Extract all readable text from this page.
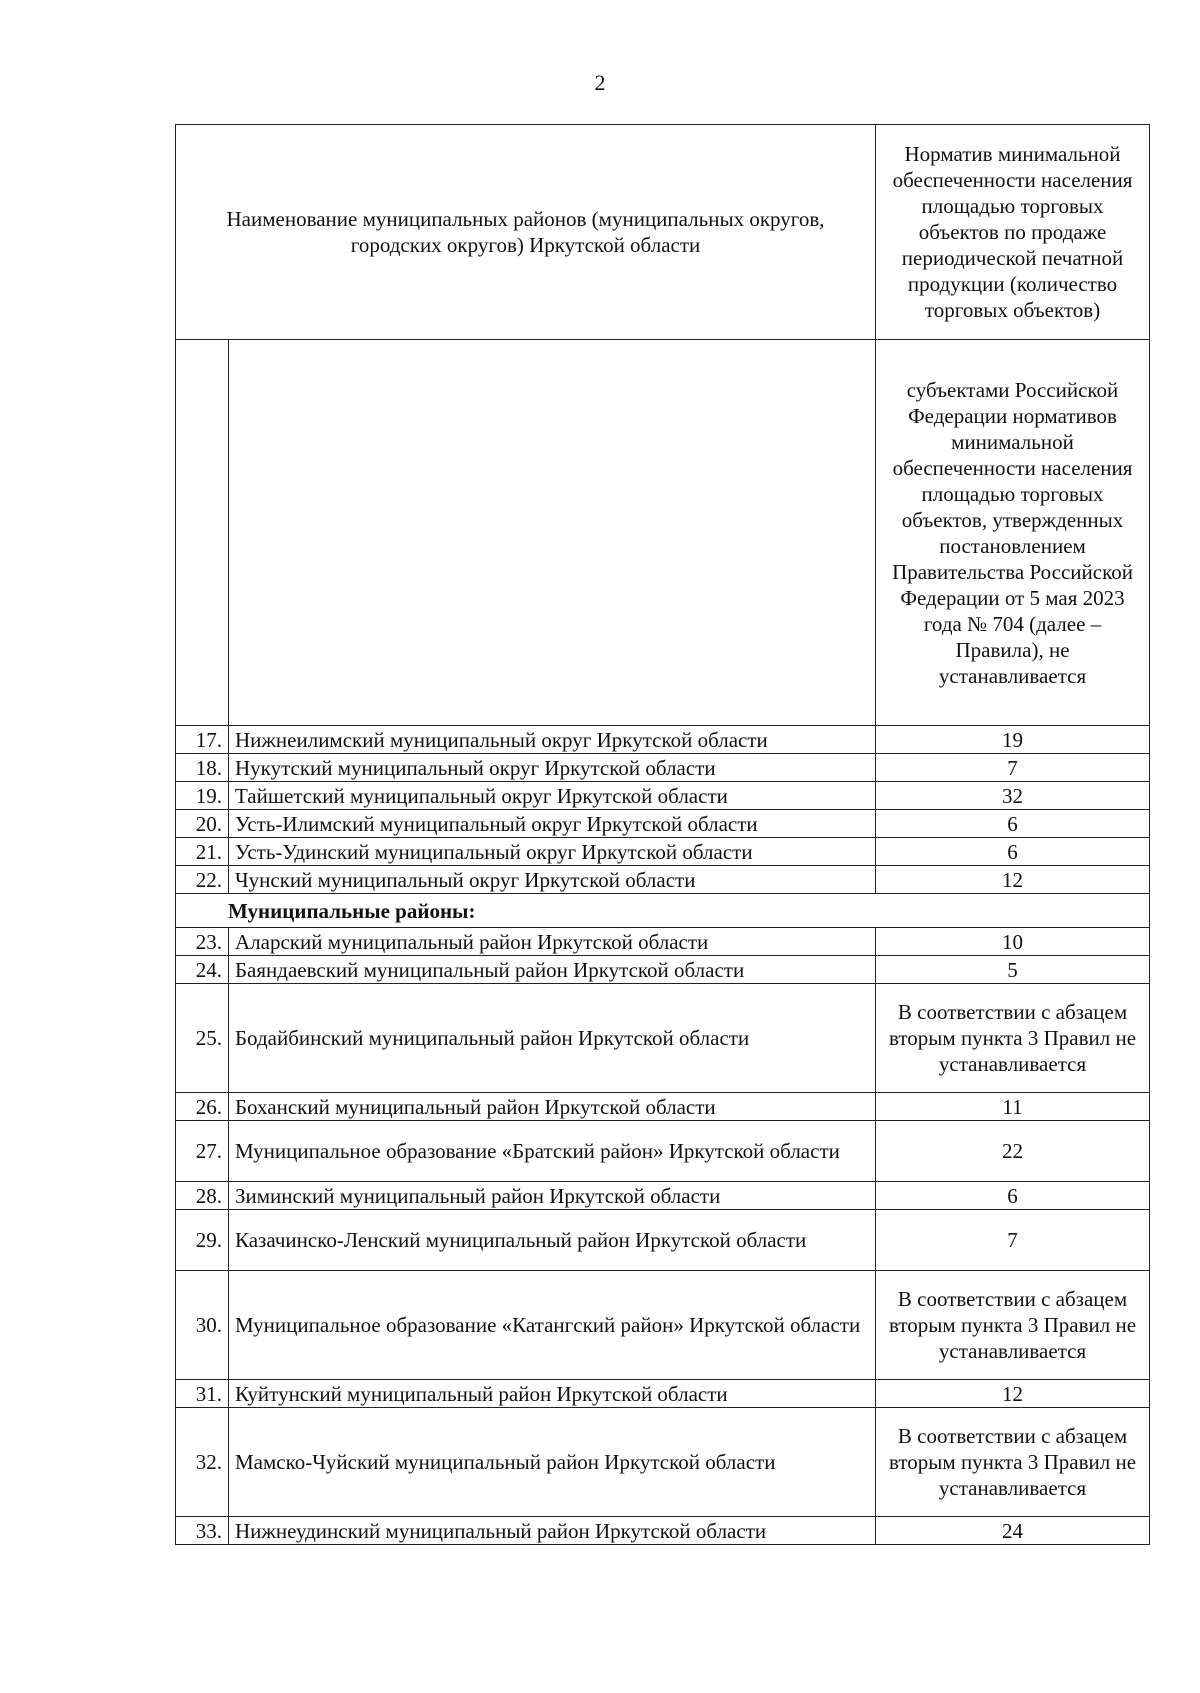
2
Наименование муниципальных районов (муниципальных округов, городских округов) Иркутской области		Норматив минимальной обеспеченности населения площадью торговых объектов по продаже периодической печатной продукции (количество торговых объектов)
		субъектами Российской Федерации нормативов минимальной обеспеченности населения площадью торговых объектов, утвержденных постановлением Правительства Российской Федерации от 5 мая 2023 года № 704 (далее – Правила), не устанавливается
17.	Нижнеилимский муниципальный округ Иркутской области	19
18.	Нукутский муниципальный округ Иркутской области	7
19.	Тайшетский муниципальный округ Иркутской области	32
20.	Усть-Илимский муниципальный округ Иркутской области	6
21.	Усть-Удинский муниципальный округ Иркутской области	6
22.	Чунский муниципальный округ Иркутской области	12
Муниципальные районы:		
23.	Аларский муниципальный район Иркутской области	10
24.	Баяндаевский муниципальный район Иркутской области	5
25.	Бодайбинский муниципальный район Иркутской области	В соответствии с абзацем вторым пункта 3 Правил не устанавливается
26.	Боханский муниципальный район Иркутской области	11
27.	Муниципальное образование «Братский район» Иркутской области	22
28.	Зиминский муниципальный район Иркутской области	6
29.	Казачинско-Ленский муниципальный район Иркутской области	7
30.	Муниципальное образование «Катангский район» Иркутской области	В соответствии с абзацем вторым пункта 3 Правил не устанавливается
31.	Куйтунский муниципальный район Иркутской области	12
32.	Мамско-Чуйский муниципальный район Иркутской области	В соответствии с абзацем вторым пункта 3 Правил не устанавливается
33.	Нижнеудинский муниципальный район Иркутской области	24
